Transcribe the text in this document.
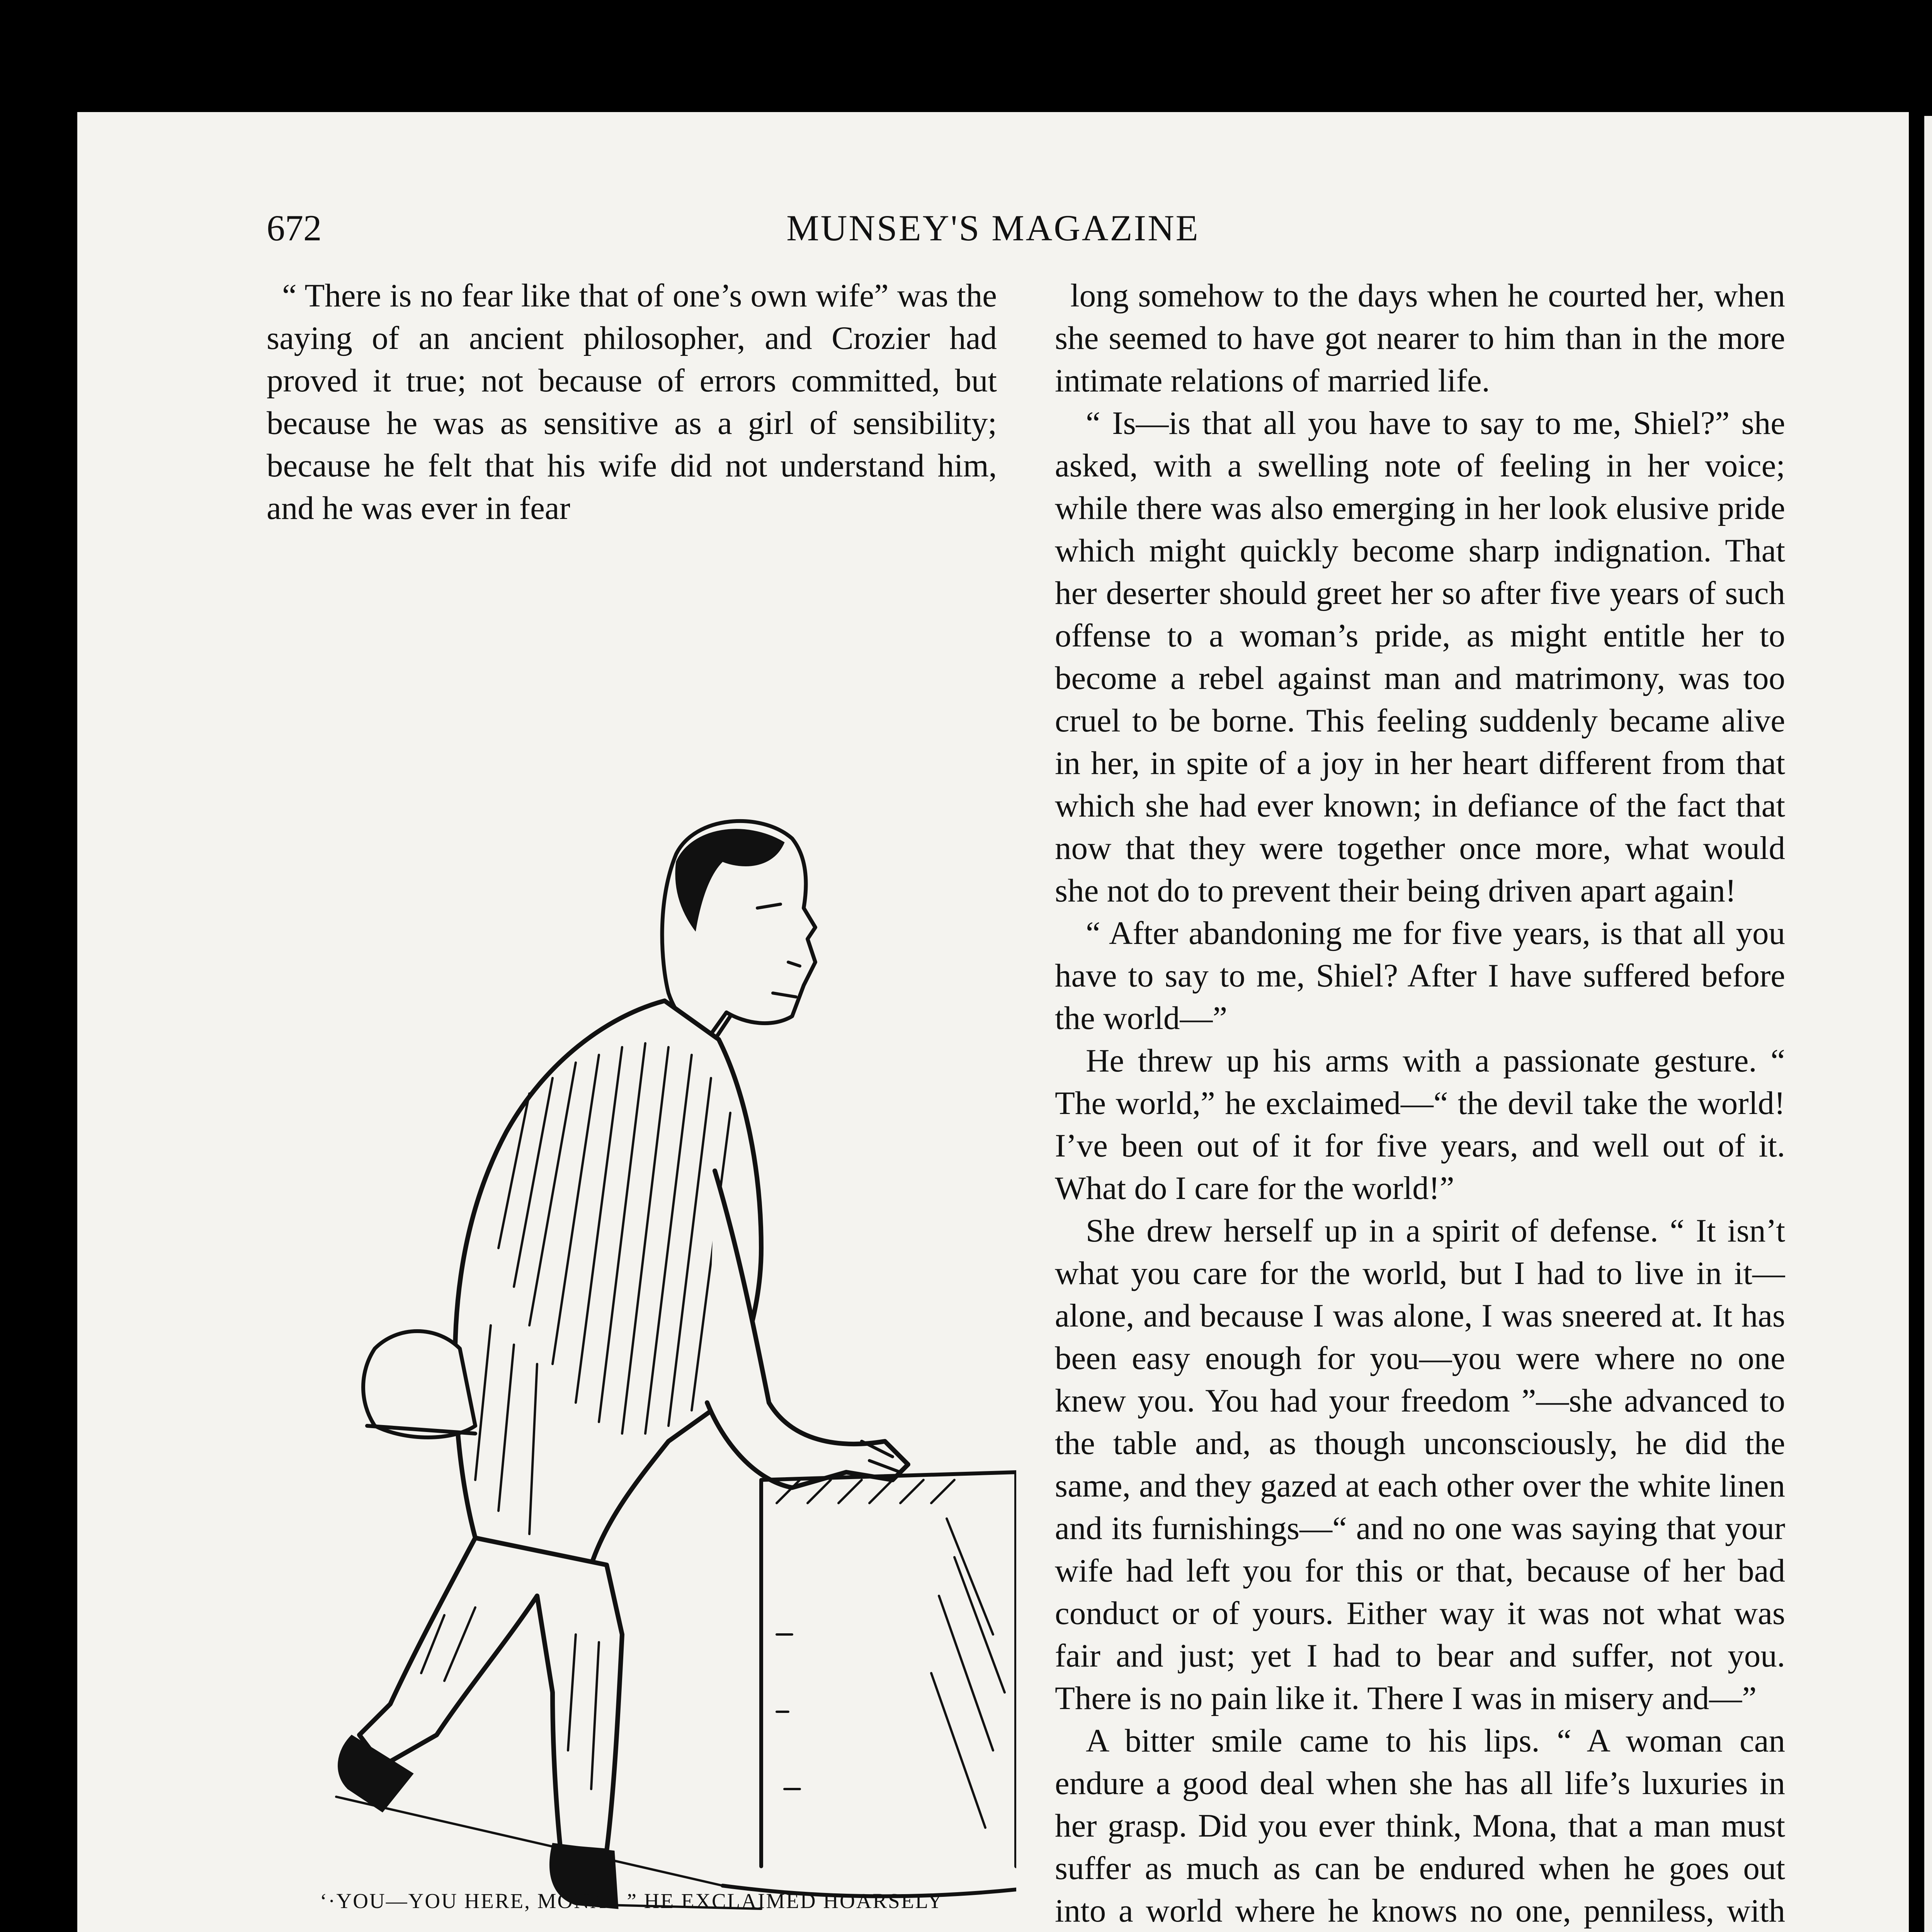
672	MUNSEY'S MAGAZINE

“ There is no fear like that of one’s own wife” was the saying of an ancient philosopher, and Crozier had proved it true; not because of errors committed, but because he was as sensitive as a girl of sensibility; because he felt that his wife did not understand him, and he was ever in fear

‘·YOU—YOU HERE, MONA ! ” HE EXCLAIMED HOARSELY

long somehow to the days when he courted her, when she seemed to have got nearer to him than in the more intimate relations of married life.

“ Is—is that all you have to say to me, Shiel?” she asked, with a swelling note of feeling in her voice; while there was also emerging in her look elusive pride which might quickly become sharp indignation. That her deserter should greet her so after five years of such offense to a woman’s pride, as might entitle her to become a rebel against man and matrimony, was too cruel to be borne. This feeling suddenly became alive in her, in spite of a joy in her heart different from that which she had ever known; in defiance of the fact that now that they were together once more, what would she not do to prevent their being driven apart again!

“ After abandoning me for five years, is that all you have to say to me, Shiel? After I have suffered before the world—”

He threw up his arms with a passionate gesture. “ The world,” he exclaimed—“ the devil take the world! I’ve been out of it for five years, and well out of it. What do I care for the world!”

She drew herself up in a spirit of defense. “ It isn’t what you care for the world, but I had to live in it—alone, and because I was alone, I was sneered at. It has been easy enough for you—you were where no one knew you. You had your freedom ”—she advanced to the table and, as though unconsciously, he did the same, and they gazed at each other over the white linen and its furnishings—“ and no one was saying that your wife had left you for this or that, because of her bad conduct or of yours. Either way it was not what was fair and just; yet I had to bear and suffer, not you. There is no pain like it. There I was in misery and—”

A bitter smile came to his lips. “ A woman can endure a good deal when she has all life’s luxuries in her grasp. Did you ever think, Mona, that a man must suffer as much as can be endured when he goes out into a world where he knows no one, penniless, with
